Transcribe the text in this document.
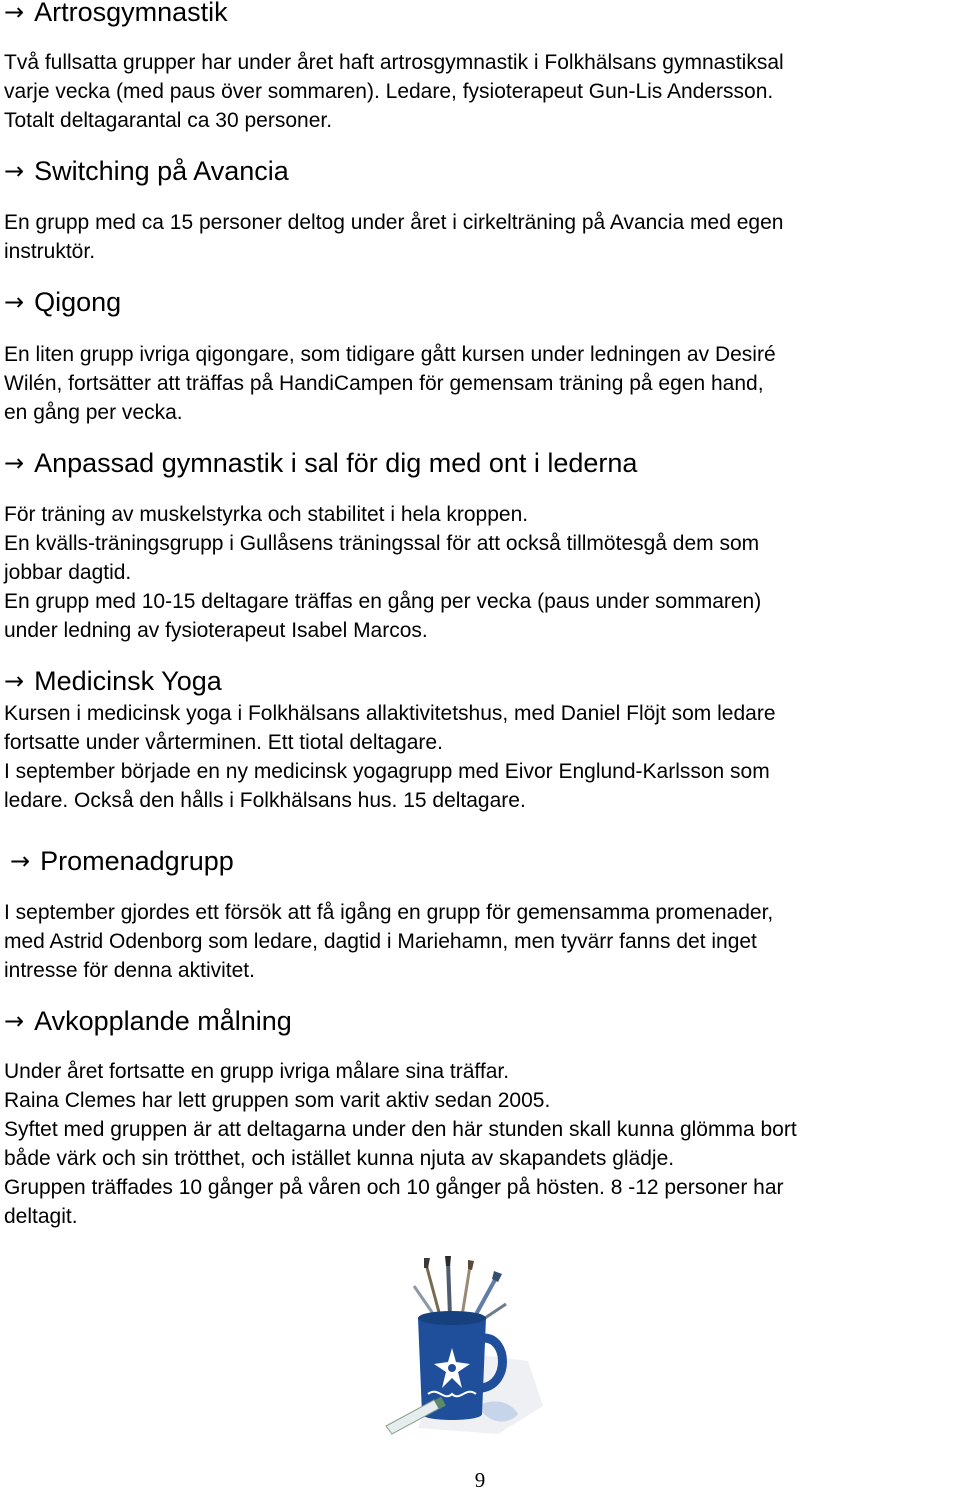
→ Artrosgymnastik
Två fullsatta grupper har under året haft artrosgymnastik i Folkhälsans gymnastiksal
varje vecka (med paus över sommaren). Ledare, fysioterapeut Gun-Lis Andersson.
Totalt deltagarantal ca 30 personer.
→ Switching på Avancia
En grupp med ca 15 personer deltog under året i cirkelträning på Avancia med egen
instruktör.
→ Qigong
En liten grupp ivriga qigongare, som tidigare gått kursen under ledningen av Desiré
Wilén, fortsätter att träffas på HandiCampen för gemensam träning på egen hand,
en gång per vecka.
→ Anpassad gymnastik i sal för dig med ont i lederna
För träning av muskelstyrka och stabilitet i hela kroppen.
En kvälls-träningsgrupp i Gullåsens träningssal för att också tillmötesgå dem som
jobbar dagtid.
En grupp med 10-15 deltagare träffas en gång per vecka (paus under sommaren)
under ledning av fysioterapeut Isabel Marcos.
→ Medicinsk Yoga
Kursen i medicinsk yoga i Folkhälsans allaktivitetshus, med Daniel Flöjt som ledare
fortsatte under vårterminen. Ett tiotal deltagare.
I september började en ny medicinsk yogagrupp med Eivor Englund-Karlsson som
ledare. Också den hålls i Folkhälsans hus. 15 deltagare.
→ Promenadgrupp
I september gjordes ett försök att få igång en grupp för gemensamma promenader,
med Astrid Odenborg som ledare, dagtid i Mariehamn, men tyvärr fanns det inget
intresse för denna aktivitet.
→ Avkopplande målning
Under året fortsatte en grupp ivriga målare sina träffar.
Raina Clemes har lett gruppen som varit aktiv sedan 2005.
Syftet med gruppen är att deltagarna under den här stunden skall kunna glömma bort
både värk och sin trötthet, och istället kunna njuta av skapandets glädje.
Gruppen träffades 10 gånger på våren och 10 gånger på hösten. 8 -12 personer har
deltagit.
9
